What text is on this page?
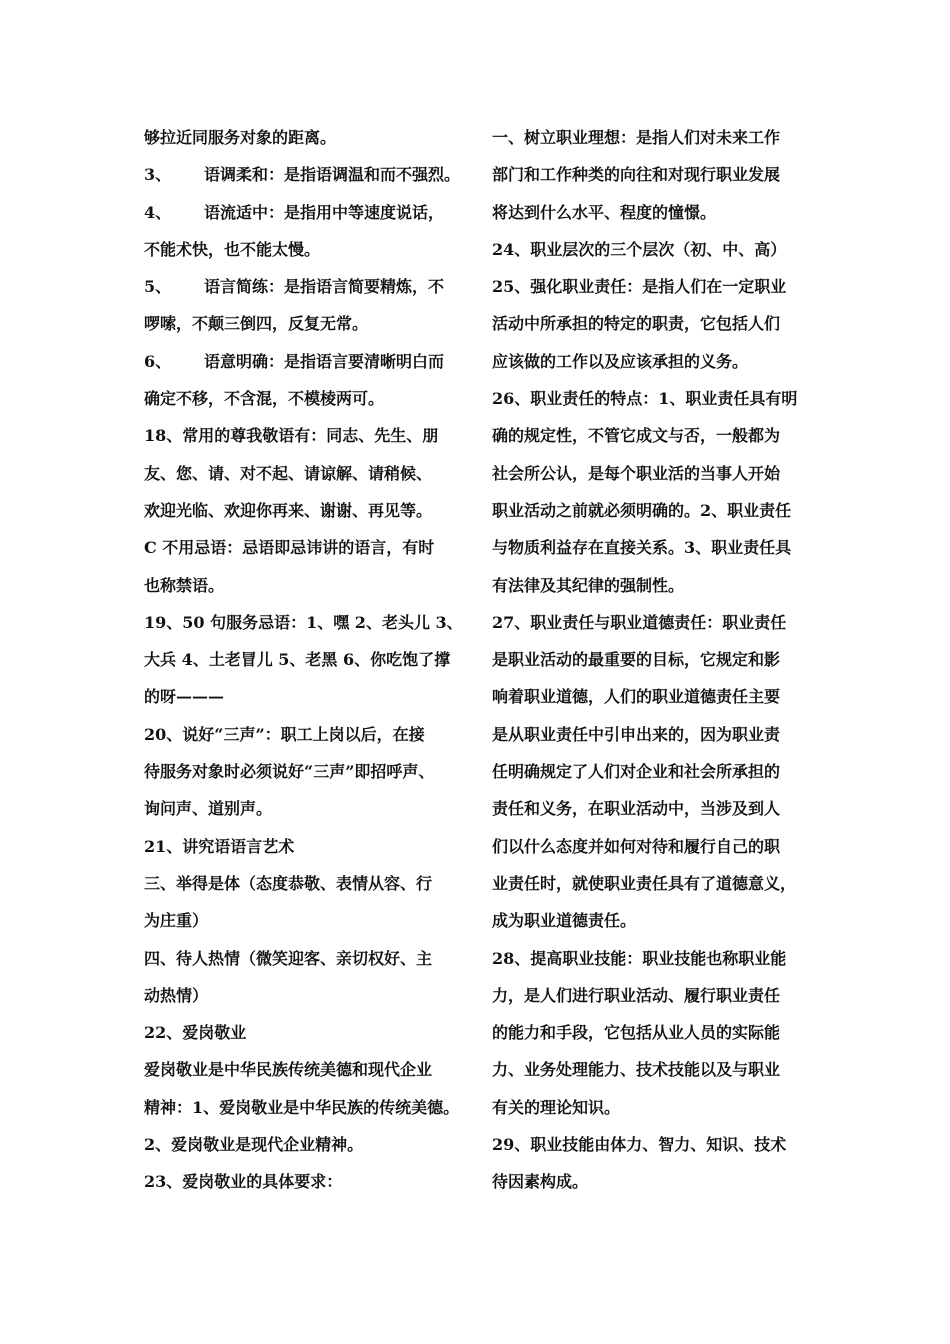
够拉近同服务对象的距离。
3、 语调柔和：是指语调温和而不强烈。
4、 语流适中：是指用中等速度说话，
不能术快，也不能太慢。
5、 语言简练：是指语言简要精炼，不
啰嗦，不颠三倒四，反复无常。
6、 语意明确：是指语言要清晰明白而
确定不移，不含混，不模棱两可。
18、常用的尊我敬语有：同志、先生、朋
友、您、请、对不起、请谅解、请稍候、
欢迎光临、欢迎你再来、谢谢、再见等。
C 不用忌语：忌语即忌讳讲的语言，有时
也称禁语。
19、50 句服务忌语：1、嘿 2、老头儿 3、
大兵 4、土老冒儿 5、老黑 6、你吃饱了撑
的呀———
20、说好“三声”：职工上岗以后，在接
待服务对象时必须说好“三声”即招呼声、
询问声、道别声。
21、讲究语语言艺术
三、举得是体（态度恭敬、表情从容、行
为庄重）
四、待人热情（微笑迎客、亲切权好、主
动热情）
22、爱岗敬业
爱岗敬业是中华民族传统美德和现代企业
精神：1、爱岗敬业是中华民族的传统美德。
2、爱岗敬业是现代企业精神。
23、爱岗敬业的具体要求：
一、树立职业理想：是指人们对未来工作
部门和工作种类的向往和对现行职业发展
将达到什么水平、程度的憧憬。
24、职业层次的三个层次（初、中、高）
25、强化职业责任：是指人们在一定职业
活动中所承担的特定的职责，它包括人们
应该做的工作以及应该承担的义务。
26、职业责任的特点：1、职业责任具有明
确的规定性，不管它成文与否，一般都为
社会所公认，是每个职业活的当事人开始
职业活动之前就必须明确的。2、职业责任
与物质利益存在直接关系。3、职业责任具
有法律及其纪律的强制性。
27、职业责任与职业道德责任：职业责任
是职业活动的最重要的目标，它规定和影
响着职业道德，人们的职业道德责任主要
是从职业责任中引申出来的，因为职业责
任明确规定了人们对企业和社会所承担的
责任和义务，在职业活动中，当涉及到人
们以什么态度并如何对待和履行自己的职
业责任时，就使职业责任具有了道德意义，
成为职业道德责任。
28、提高职业技能：职业技能也称职业能
力，是人们进行职业活动、履行职业责任
的能力和手段，它包括从业人员的实际能
力、业务处理能力、技术技能以及与职业
有关的理论知识。
29、职业技能由体力、智力、知识、技术
待因素构成。
